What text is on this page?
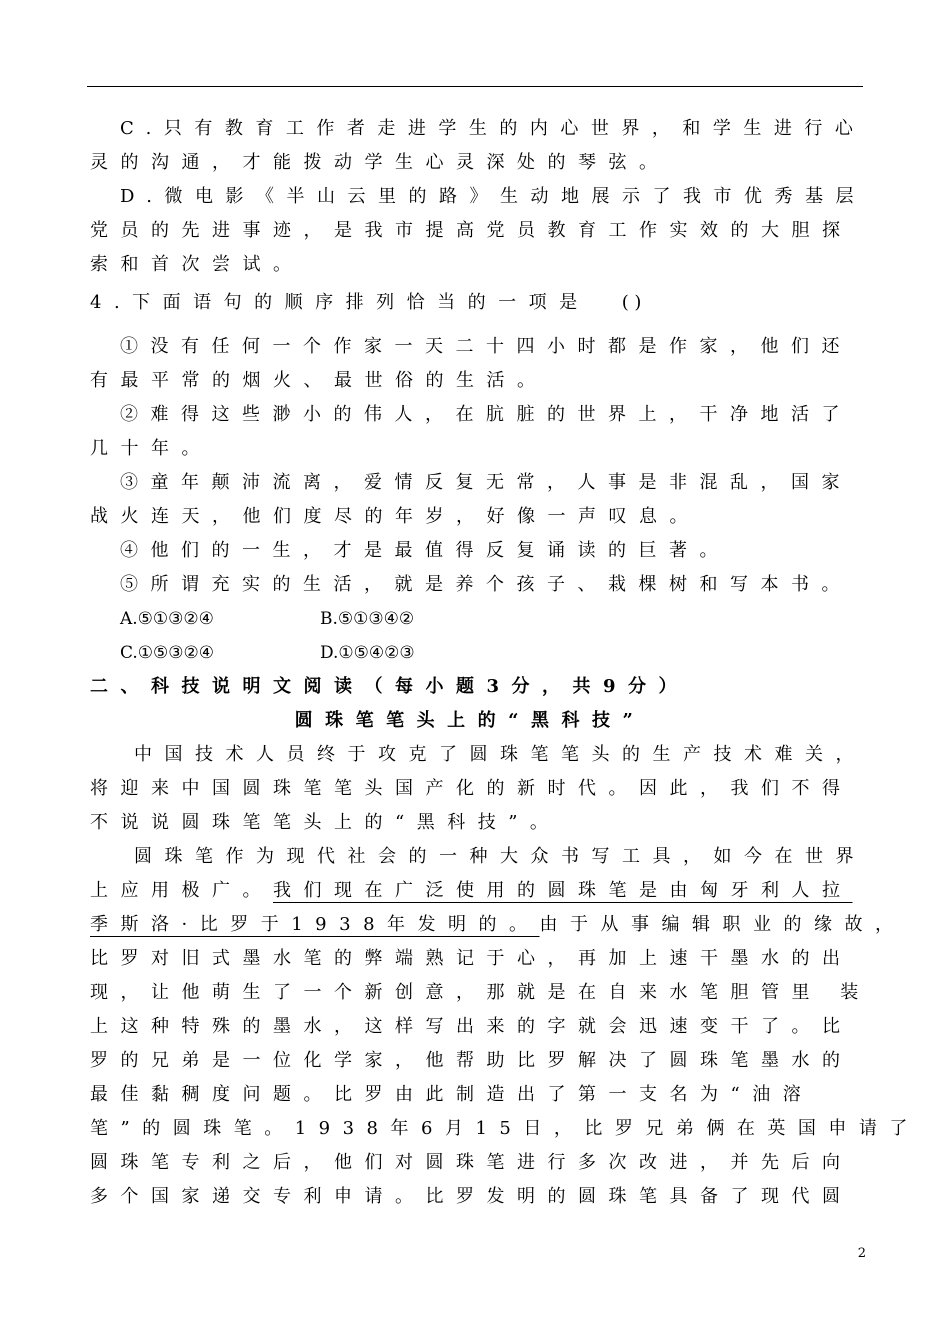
C.只有教育工作者走进学生的内心世界，和学生进行心
灵的沟通，才能拨动学生心灵深处的琴弦。
D.微电影《半山云里的路》生动地展示了我市优秀基层
党员的先进事迹，是我市提高党员教育工作实效的大胆探
索和首次尝试。
4.下面语句的顺序排列恰当的一项是 ( )
①没有任何一个作家一天二十四小时都是作家，他们还
有最平常的烟火、最世俗的生活。
②难得这些渺小的伟人，在肮脏的世界上，干净地活了
几十年。
③童年颠沛流离，爱情反复无常，人事是非混乱，国家
战火连天，他们度尽的年岁，好像一声叹息。
④他们的一生，才是最值得反复诵读的巨著。
⑤所谓充实的生活，就是养个孩子、栽棵树和写本书。
A.⑤①③②④	B.⑤①③④②
C.①⑤③②④	D.①⑤④②③
二、科技说明文阅读（每小题3分，共9分）
圆珠笔笔头上的“黑科技”
中国技术人员终于攻克了圆珠笔笔头的生产技术难关，
将迎来中国圆珠笔笔头国产化的新时代。因此，我们不得
不说说圆珠笔笔头上的“黑科技”。
圆珠笔作为现代社会的一种大众书写工具，如今在世界
上应用极广。我们现在广泛使用的圆珠笔是由匈牙利人拉
季斯洛·比罗于1938年发明的。由于从事编辑职业的缘故，
比罗对旧式墨水笔的弊端熟记于心，再加上速干墨水的出
现，让他萌生了一个新创意，那就是在自来水笔胆管里 装
上这种特殊的墨水，这样写出来的字就会迅速变干了。比
罗的兄弟是一位化学家，他帮助比罗解决了圆珠笔墨水的
最佳黏稠度问题。比罗由此制造出了第一支名为“油溶
笔”的圆珠笔。1938年6月15日，比罗兄弟俩在英国申请了
圆珠笔专利之后，他们对圆珠笔进行多次改进，并先后向
多个国家递交专利申请。比罗发明的圆珠笔具备了现代圆
2
